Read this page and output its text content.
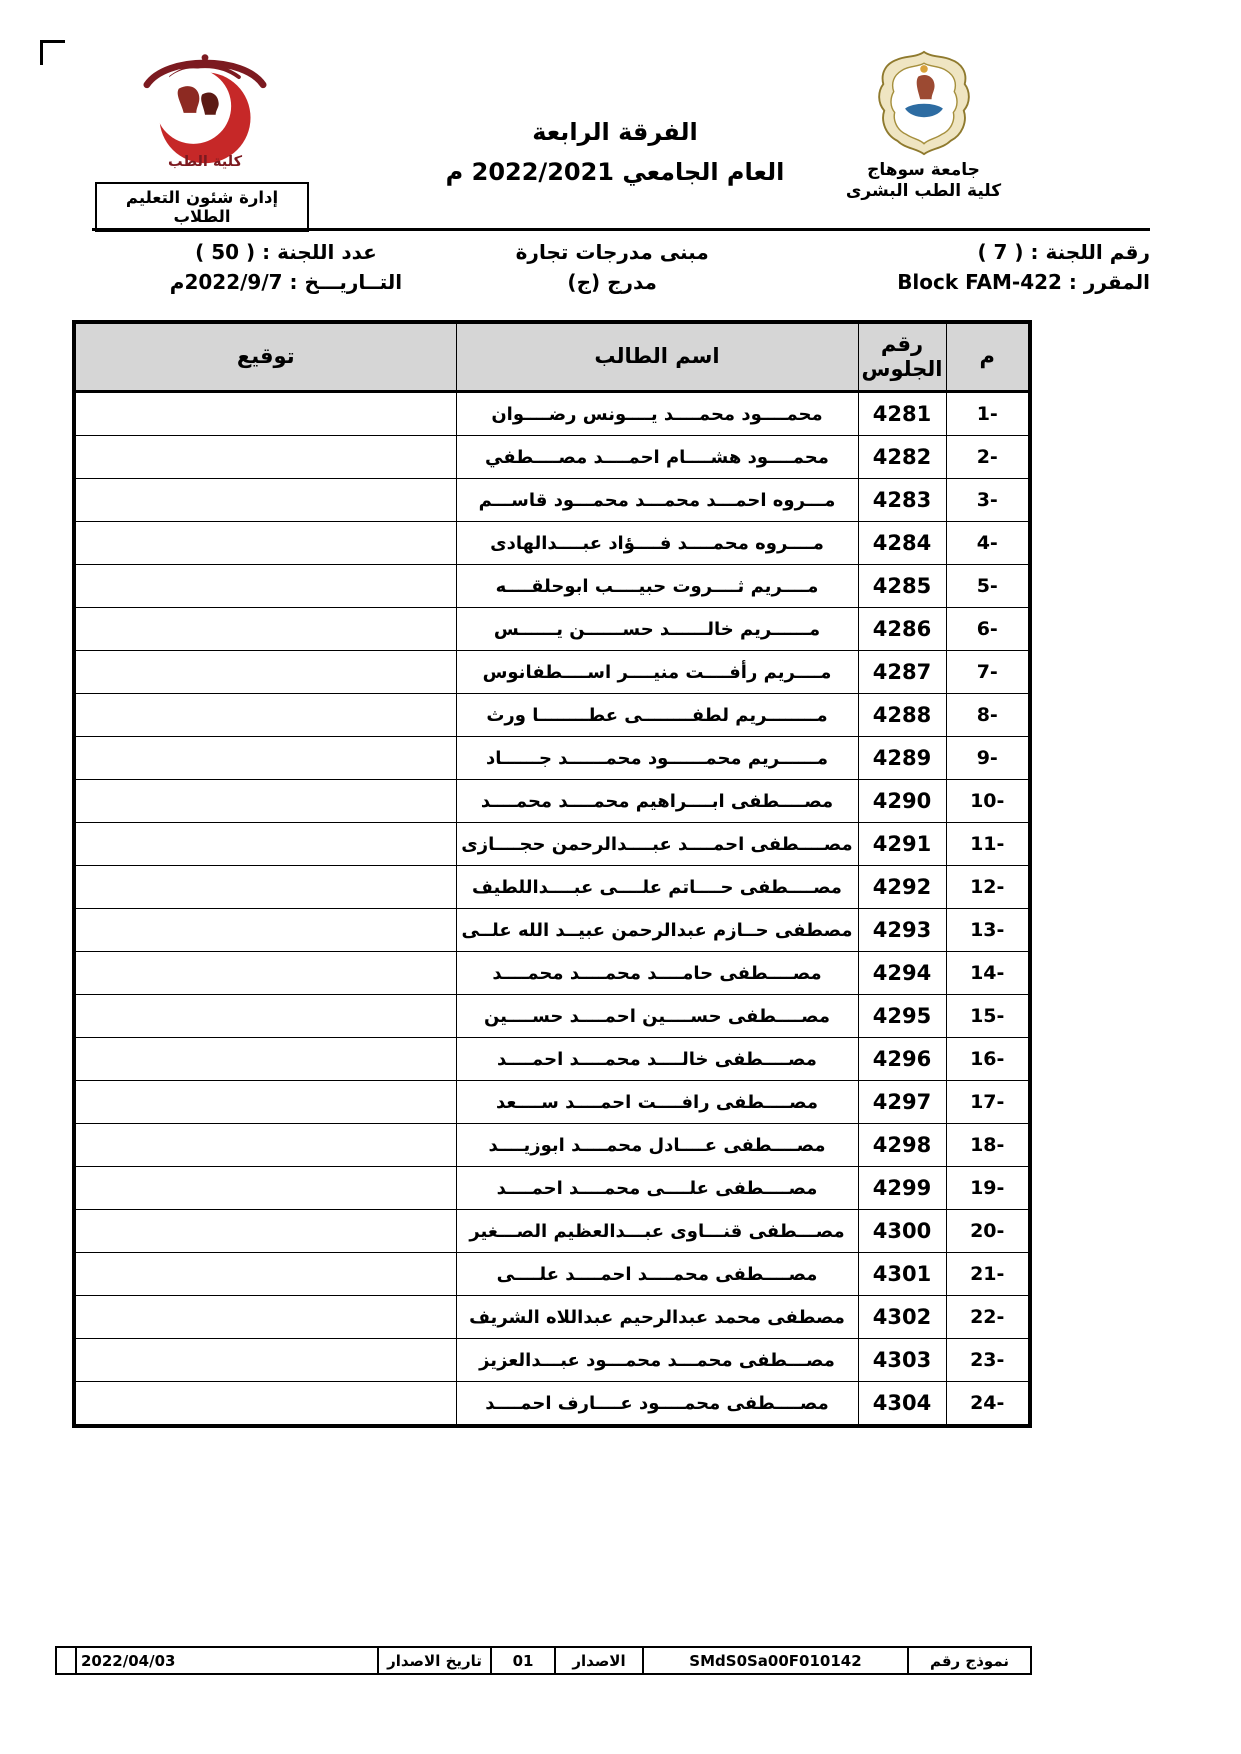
جامعة سوهاج
كلية الطب البشرى
الفرقة الرابعة
العام الجامعي 2022/2021 م
كلية الطب
إدارة شئون التعليم الطلاب
رقم اللجنة : ( 7 )
مبنى مدرجات تجارة
عدد اللجنة : ( 50 )
المقرر : Block FAM-422
مدرج (ج)
التــاريـــخ : 2022/9/7م
م	رقم الجلوس	اسم الطالب	توقيع
1-	4281	محمــــود محمــــد يــــونس رضــــوان	
2-	4282	محمــــود هشــــام احمــــد مصــــطفي	
3-	4283	مـــروه احمـــد محمـــد محمـــود قاســـم	
4-	4284	مــــروه محمــــد فــــؤاد عبــــدالهادى	
5-	4285	مــــريم ثــــروت حبيــــب ابوحلقــــه	
6-	4286	مــــــريم خالــــــد حســــــن يــــــس	
7-	4287	مــــريم رأفــــت منيــــر اســــطفانوس	
8-	4288	مــــــــريم لطفــــــــى عطــــــــا ورث	
9-	4289	مــــــريم محمــــــود محمــــــد جــــــاد	
10-	4290	مصــــطفى ابــــراهيم محمــــد محمــــد	
11-	4291	مصــــطفى احمــــد عبــــدالرحمن حجــــازى	
12-	4292	مصــــطفى حــــاتم علــــى عبــــداللطيف	
13-	4293	مصطفى حــازم عبدالرحمن عبيــد الله علــى	
14-	4294	مصــــطفى حامــــد محمــــد محمــــد	
15-	4295	مصــــطفى حســــين احمــــد حســــين	
16-	4296	مصــــطفى خالــــد محمــــد احمــــد	
17-	4297	مصــــطفى رافــــت احمــــد ســــعد	
18-	4298	مصــــطفى عــــادل محمــــد ابوزيــــد	
19-	4299	مصــــطفى علــــى محمــــد احمــــد	
20-	4300	مصـــطفى قنـــاوى عبـــدالعظيم الصـــغير	
21-	4301	مصــــطفى محمــــد احمــــد علــــى	
22-	4302	مصطفى محمد عبدالرحيم عبداللاه الشريف	
23-	4303	مصـــطفى محمـــد محمـــود عبـــدالعزيز	
24-	4304	مصــــطفى محمــــود عــــارف احمــــد	
نموذج رقم	SMdS0Sa00F010142	الاصدار	01	تاريخ الاصدار	2022/04/03	
